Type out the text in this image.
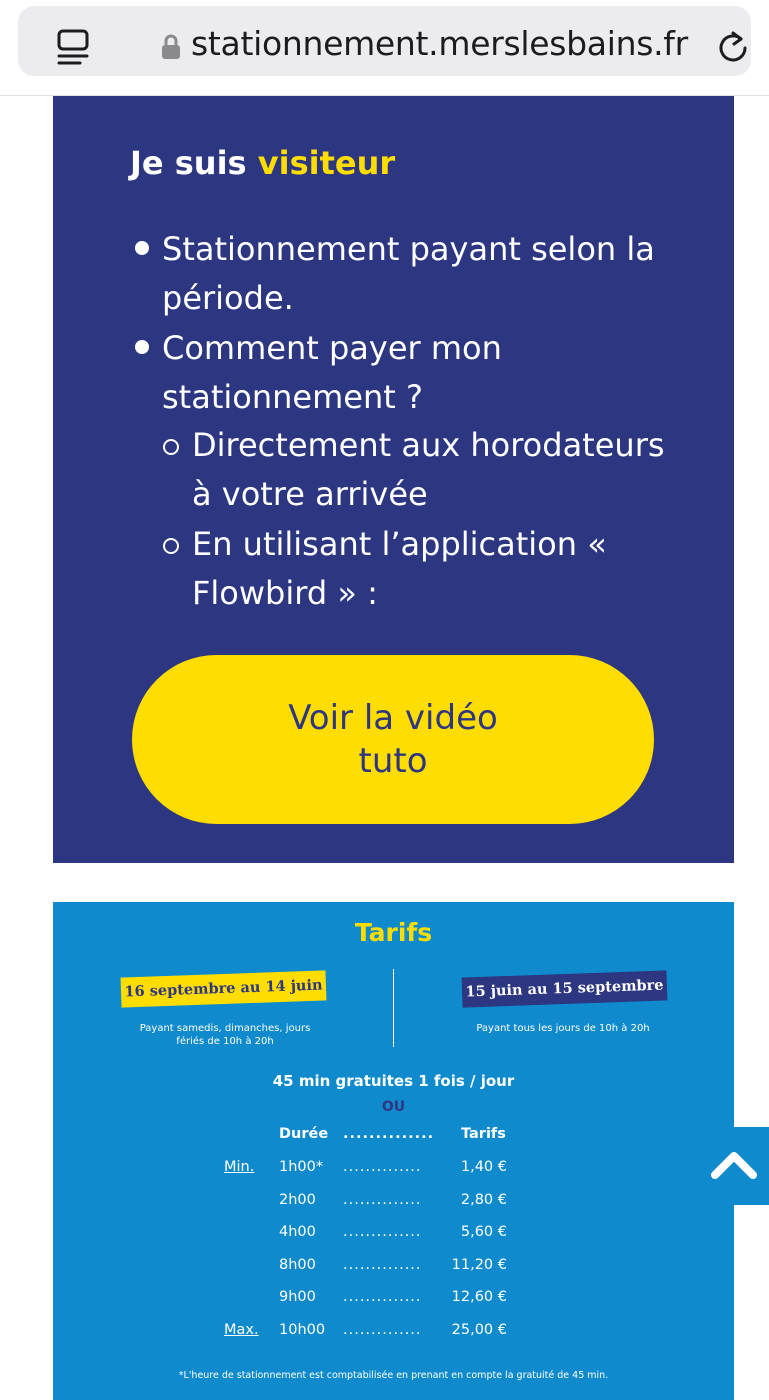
stationnement.merslesbains.fr
Je suis visiteur
Stationnement payant selon la période.
Comment payer mon stationnement ?
Directement aux horodateurs à votre arrivée
En utilisant l’application « Flowbird » :
Voir la vidéo tuto
Tarifs
16 septembre au 14 juin	15 juin au 15 septembre
Payant samedis, dimanches, jours fériés de 10h à 20h
Payant tous les jours de 10h à 20h
45 min gratuites 1 fois / jour
OU
Durée .............. Tarifs
Min. 1h00* ..............	1,40 €
2h00 ..............	2,80 €
4h00 ..............	5,60 €
8h00 .............. 11,20 €
9h00 .............. 12,60 €
Max. 10h00 .............. 25,00 €
*L'heure de stationnement est comptabilisée en prenant en compte la gratuité de 45 min.
